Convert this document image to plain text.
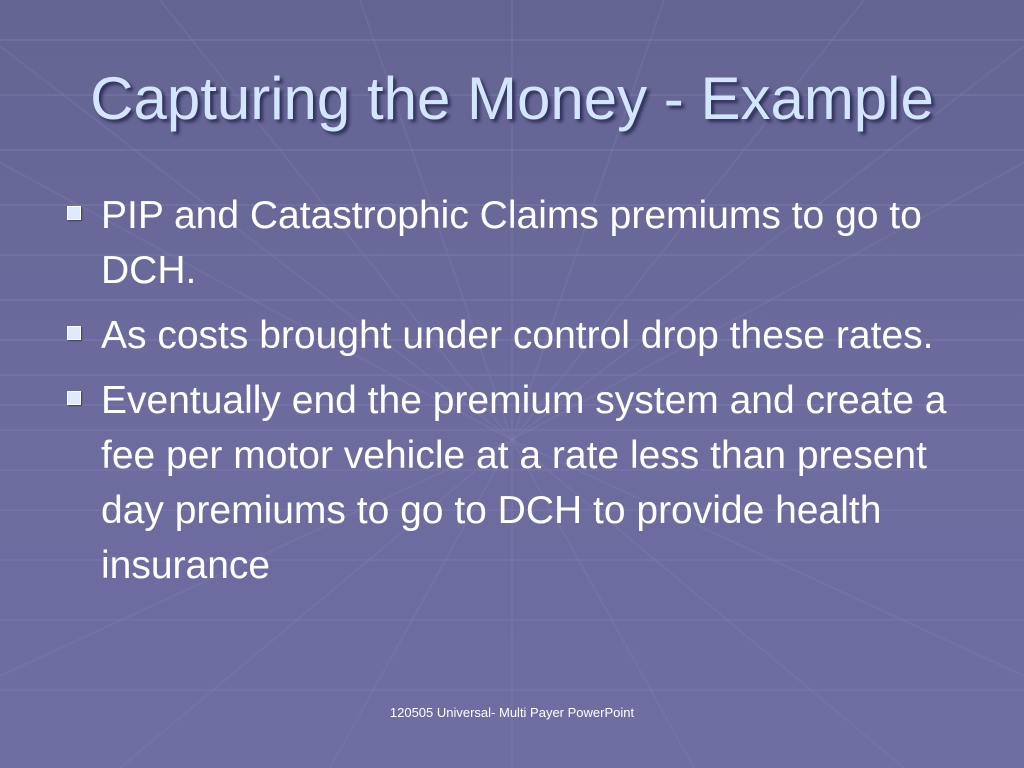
Capturing the Money - Example
PIP and Catastrophic Claims premiums to go to DCH.
As costs brought under control drop these rates.
Eventually end the premium system and create a fee per motor vehicle at a rate less than present day premiums to go to DCH to provide health insurance
120505 Universal- Multi Payer PowerPoint
